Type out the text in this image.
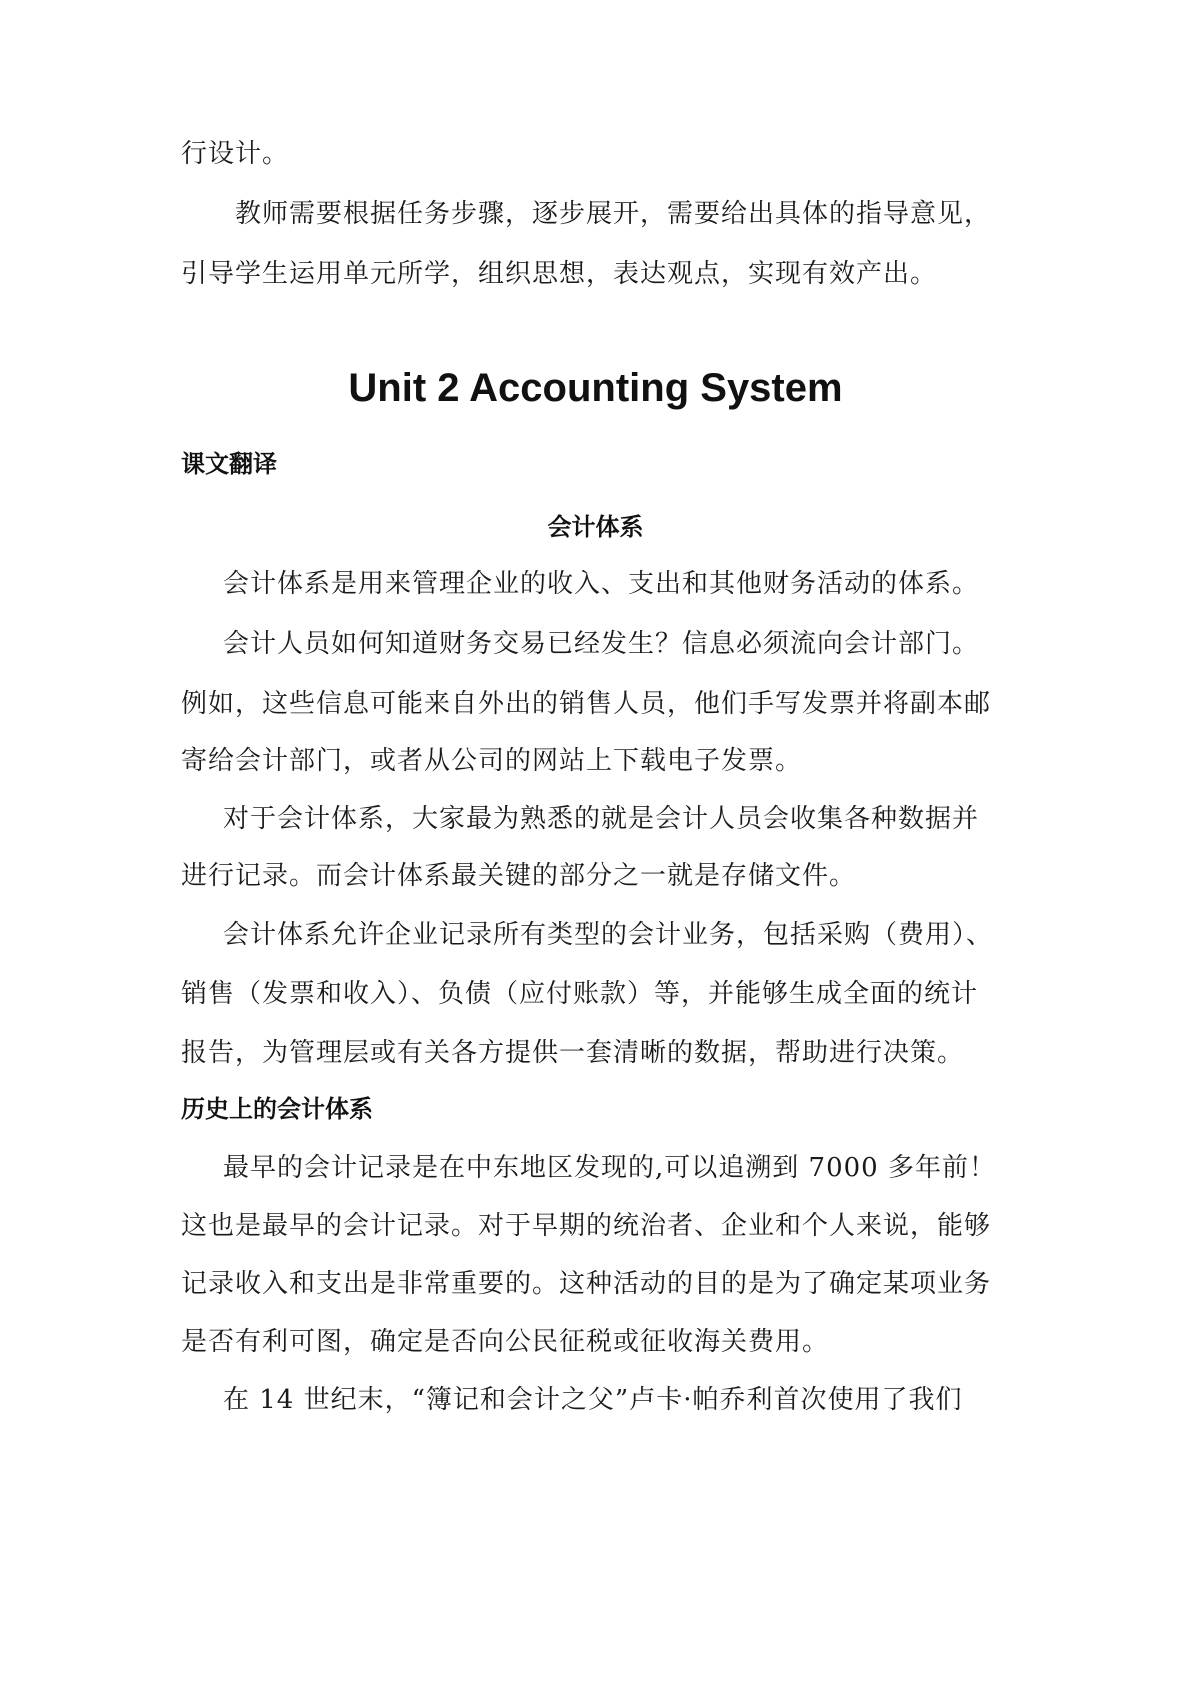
行设计。
教师需要根据任务步骤，逐步展开，需要给出具体的指导意见，
引导学生运用单元所学，组织思想，表达观点，实现有效产出。
Unit 2 Accounting System
课文翻译
会计体系
会计体系是用来管理企业的收入、支出和其他财务活动的体系。
会计人员如何知道财务交易已经发生？信息必须流向会计部门。
例如，这些信息可能来自外出的销售人员，他们手写发票并将副本邮
寄给会计部门，或者从公司的网站上下载电子发票。
对于会计体系，大家最为熟悉的就是会计人员会收集各种数据并
进行记录。而会计体系最关键的部分之一就是存储文件。
会计体系允许企业记录所有类型的会计业务，包括采购（费用）、
销售（发票和收入）、负债（应付账款）等，并能够生成全面的统计
报告，为管理层或有关各方提供一套清晰的数据，帮助进行决策。
历史上的会计体系
最早的会计记录是在中东地区发现的,可以追溯到 7000 多年前！
这也是最早的会计记录。对于早期的统治者、企业和个人来说，能够
记录收入和支出是非常重要的。这种活动的目的是为了确定某项业务
是否有利可图，确定是否向公民征税或征收海关费用。
在 14 世纪末，“簿记和会计之父”卢卡·帕乔利首次使用了我们
